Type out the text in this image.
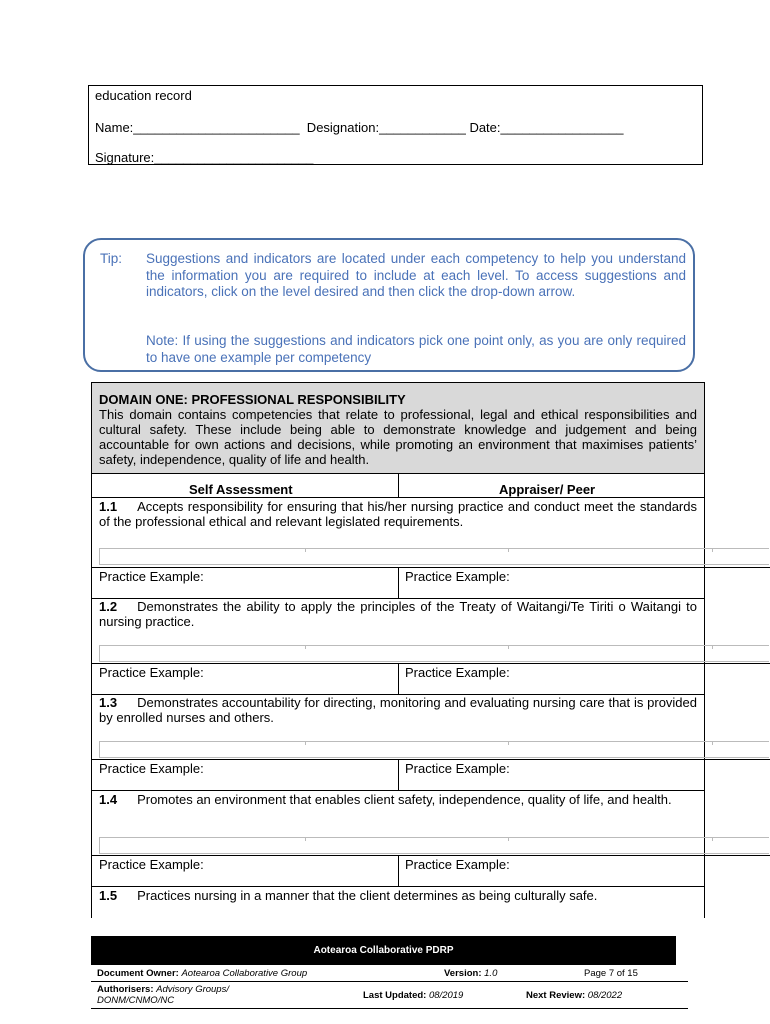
education record
Name:_______________________  Designation:____________ Date:_________________
Signature:______________________
Tip: Suggestions and indicators are located under each competency to help you understand the information you are required to include at each level. To access suggestions and indicators, click on the level desired and then click the drop-down arrow.
Note: If using the suggestions and indicators pick one point only, as you are only required to have one example per competency
DOMAIN ONE: PROFESSIONAL RESPONSIBILITY
This domain contains competencies that relate to professional, legal and ethical responsibilities and cultural safety. These include being able to demonstrate knowledge and judgement and being accountable for own actions and decisions, while promoting an environment that maximises patients’ safety, independence, quality of life and health.
Self Assessment	Appraiser/ Peer
1.1 Accepts responsibility for ensuring that his/her nursing practice and conduct meet the standards of the professional ethical and relevant legislated requirements.
Practice Example:	Practice Example:
1.2 Demonstrates the ability to apply the principles of the Treaty of Waitangi/Te Tiriti o Waitangi to nursing practice.
Practice Example:	Practice Example:
1.3 Demonstrates accountability for directing, monitoring and evaluating nursing care that is provided by enrolled nurses and others.
Practice Example:	Practice Example:
1.4 Promotes an environment that enables client safety, independence, quality of life, and health.
Practice Example:	Practice Example:
1.5 Practices nursing in a manner that the client determines as being culturally safe.
Aotearoa Collaborative PDRP
Document Owner: Aotearoa Collaborative Group	Version: 1.0	Page 7 of 15
Authorisers: Advisory Groups/ DONM/CNMO/NC	Last Updated: 08/2019	Next Review: 08/2022
